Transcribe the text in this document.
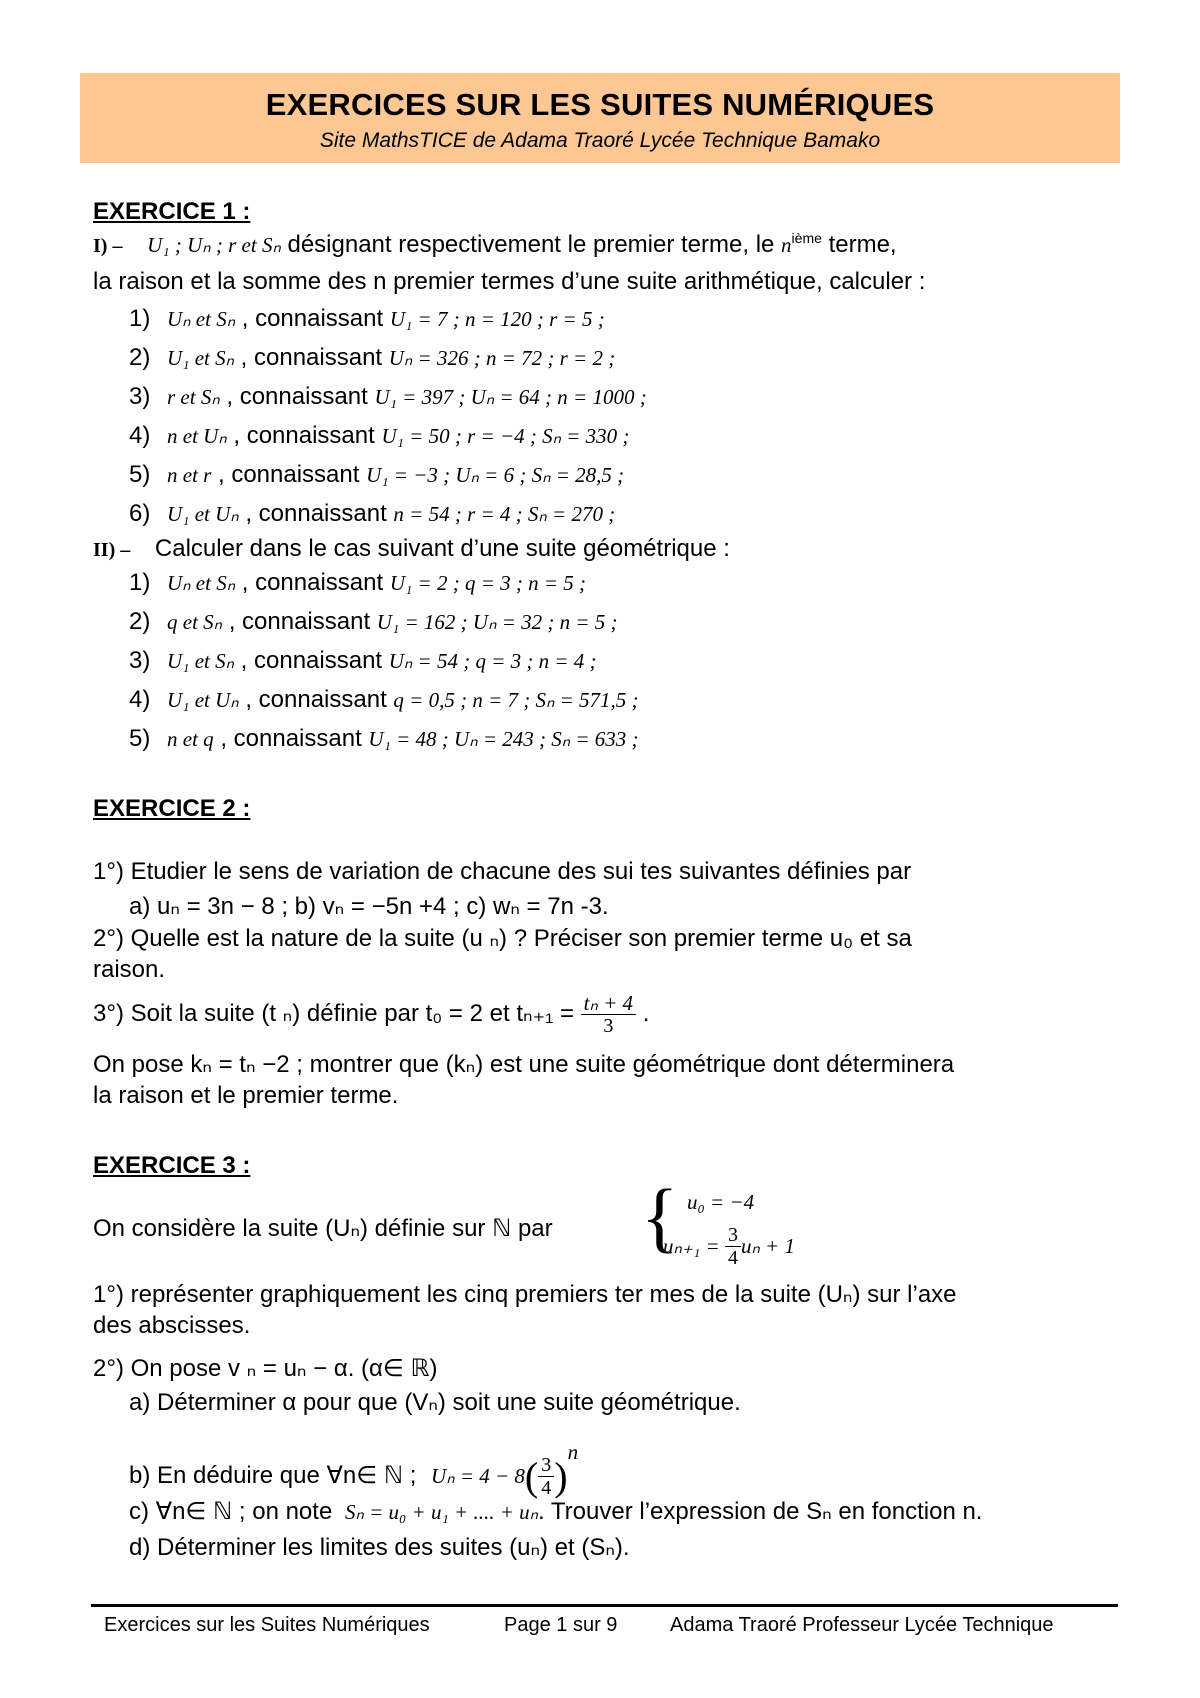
EXERCICES SUR LES SUITES NUMÉRIQUES
Site MathsTICE de Adama Traoré Lycée Technique Bamako
EXERCICE 1 :
I) – U₁ ; Uₙ ; r et Sₙ désignant respectivement le premier terme, le $n^{ième}$ terme,
la raison et la somme des n premier termes d’une suite arithmétique, calculer :
1) Uₙ et Sₙ , connaissant U₁ = 7 ; n = 120 ; r = 5 ;
2) U₁ et Sₙ , connaissant Uₙ = 326 ; n = 72 ; r = 2 ;
3) r et Sₙ , connaissant U₁ = 397 ; Uₙ = 64 ; n = 1000 ;
4) n et Uₙ , connaissant U₁ = 50 ; r = −4 ; Sₙ = 330 ;
5) n et r , connaissant U₁ = −3 ; Uₙ = 6 ; Sₙ = 28,5 ;
6) U₁ et Uₙ , connaissant n = 54 ; r = 4 ; Sₙ = 270 ;
II) – Calculer dans le cas suivant d’une suite géométrique :
1) Uₙ et Sₙ , connaissant U₁ = 2 ; q = 3 ; n = 5 ;
2) q et Sₙ , connaissant U₁ = 162 ; Uₙ = 32 ; n = 5 ;
3) U₁ et Sₙ , connaissant Uₙ = 54 ; q = 3 ; n = 4 ;
4) U₁ et Uₙ , connaissant q = 0,5 ; n = 7 ; Sₙ = 571,5 ;
5) n et q , connaissant U₁ = 48 ; Uₙ = 243 ; Sₙ = 633 ;
EXERCICE 2 :
1°) Etudier le sens de variation de chacune des sui tes suivantes définies par
a) uₙ = 3n − 8 ; b) vₙ = −5n +4 ; c) wₙ = 7n -3.
2°) Quelle est la nature de la suite (u ₙ) ? Préciser son premier terme u₀ et sa
raison.
3°) Soit la suite (t ₙ) définie par t₀ = 2 et $t_{n+1} = \frac{\text{tₙ + 4}}{3}$ .
On pose kₙ = tₙ −2 ; montrer que (kₙ) est une suite géométrique dont déterminera
la raison et le premier terme.
EXERCICE 3 :
On considère la suite (Uₙ) définie sur ℕ par { u₀ = −4
$u_{n+1} = \frac{3}{4}$ uₙ + 1
1°) représenter graphiquement les cinq premiers ter mes de la suite (Uₙ) sur l’axe
des abscisses.
2°) On pose v ₙ = uₙ − α. (α∈ ℝ)
a) Déterminer α pour que (Vₙ) soit une suite géométrique.
b) En déduire que ∀n∈ ℕ ; $U_n = 4 - 8( \frac{3}{4} )^n$
c) ∀n∈ ℕ ; on note Sₙ = u₀ + u₁ + .... + uₙ. Trouver l’expression de Sₙ en fonction n.
d) Déterminer les limites des suites (uₙ) et (Sₙ).
Exercices sur les Suites Numériques	Page 1 sur 9	Adama Traoré Professeur Lycée Technique
